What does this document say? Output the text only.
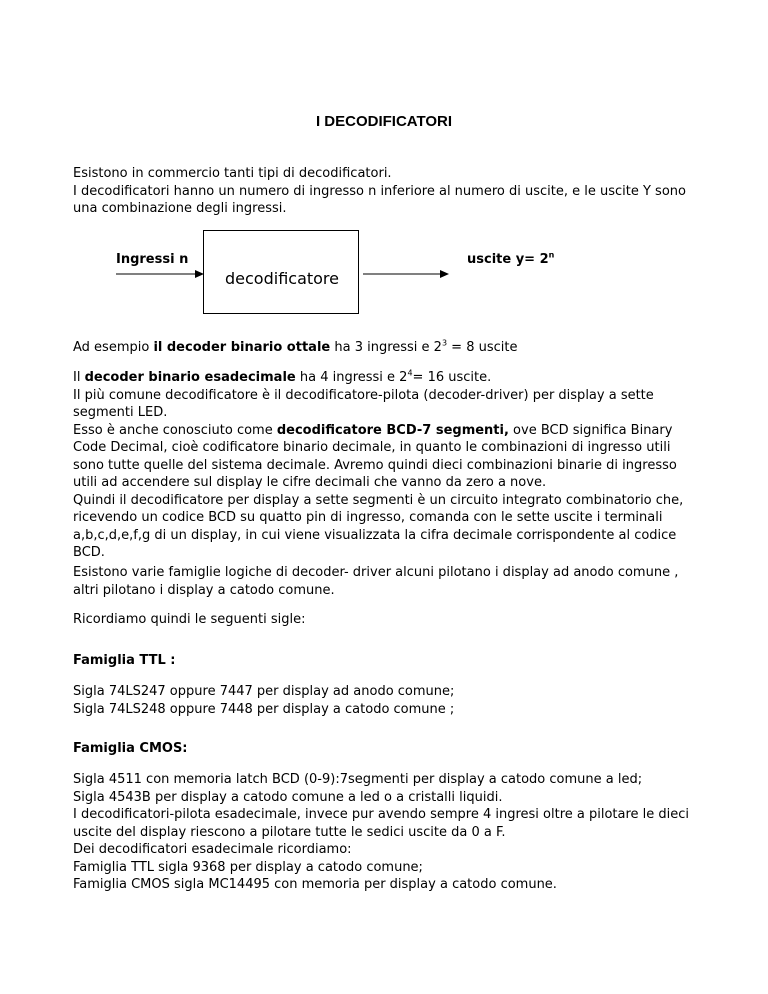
I DECODIFICATORI
Esistono in commercio tanti tipi di decodificatori.
I decodificatori hanno un numero di ingresso n inferiore al numero di uscite, e le uscite Y sono
una combinazione degli ingressi.
Ingressi n
decodificatore
uscite $y= 2^n$
Ad esempio il decoder binario ottale ha 3 ingressi e $2^3 = 8$ uscite
Il decoder binario esadecimale ha 4 ingressi e $2^4= 16$ uscite.
Il più comune decodificatore è il decodificatore-pilota (decoder-driver) per display a sette
segmenti LED.
Esso è anche conosciuto come decodificatore BCD-7 segmenti, ove BCD significa Binary
Code Decimal, cioè codificatore binario decimale, in quanto le combinazioni di ingresso utili
sono tutte quelle del sistema decimale. Avremo quindi dieci combinazioni binarie di ingresso
utili ad accendere sul display le cifre decimali che vanno da zero a nove.
Quindi il decodificatore per display a sette segmenti è un circuito integrato combinatorio che,
ricevendo un codice BCD su quatto pin di ingresso, comanda con le sette uscite i terminali
a,b,c,d,e,f,g di un display, in cui viene visualizzata la cifra decimale corrispondente al codice
BCD.
Esistono varie famiglie logiche di decoder- driver alcuni pilotano i display ad anodo comune ,
altri pilotano i display a catodo comune.
Ricordiamo quindi le seguenti sigle:
Famiglia TTL :
Sigla 74LS247 oppure 7447 per display ad anodo comune;
Sigla 74LS248 oppure 7448 per display a catodo comune ;
Famiglia CMOS:
Sigla 4511 con memoria latch BCD (0-9):7segmenti per display a catodo comune a led;
Sigla 4543B per display a catodo comune a led o a cristalli liquidi.
I decodificatori-pilota esadecimale, invece pur avendo sempre 4 ingresi oltre a pilotare le dieci
uscite del display riescono a pilotare tutte le sedici uscite da 0 a F.
Dei decodificatori esadecimale ricordiamo:
Famiglia TTL sigla 9368 per display a catodo comune;
Famiglia CMOS sigla MC14495 con memoria per display a catodo comune.
